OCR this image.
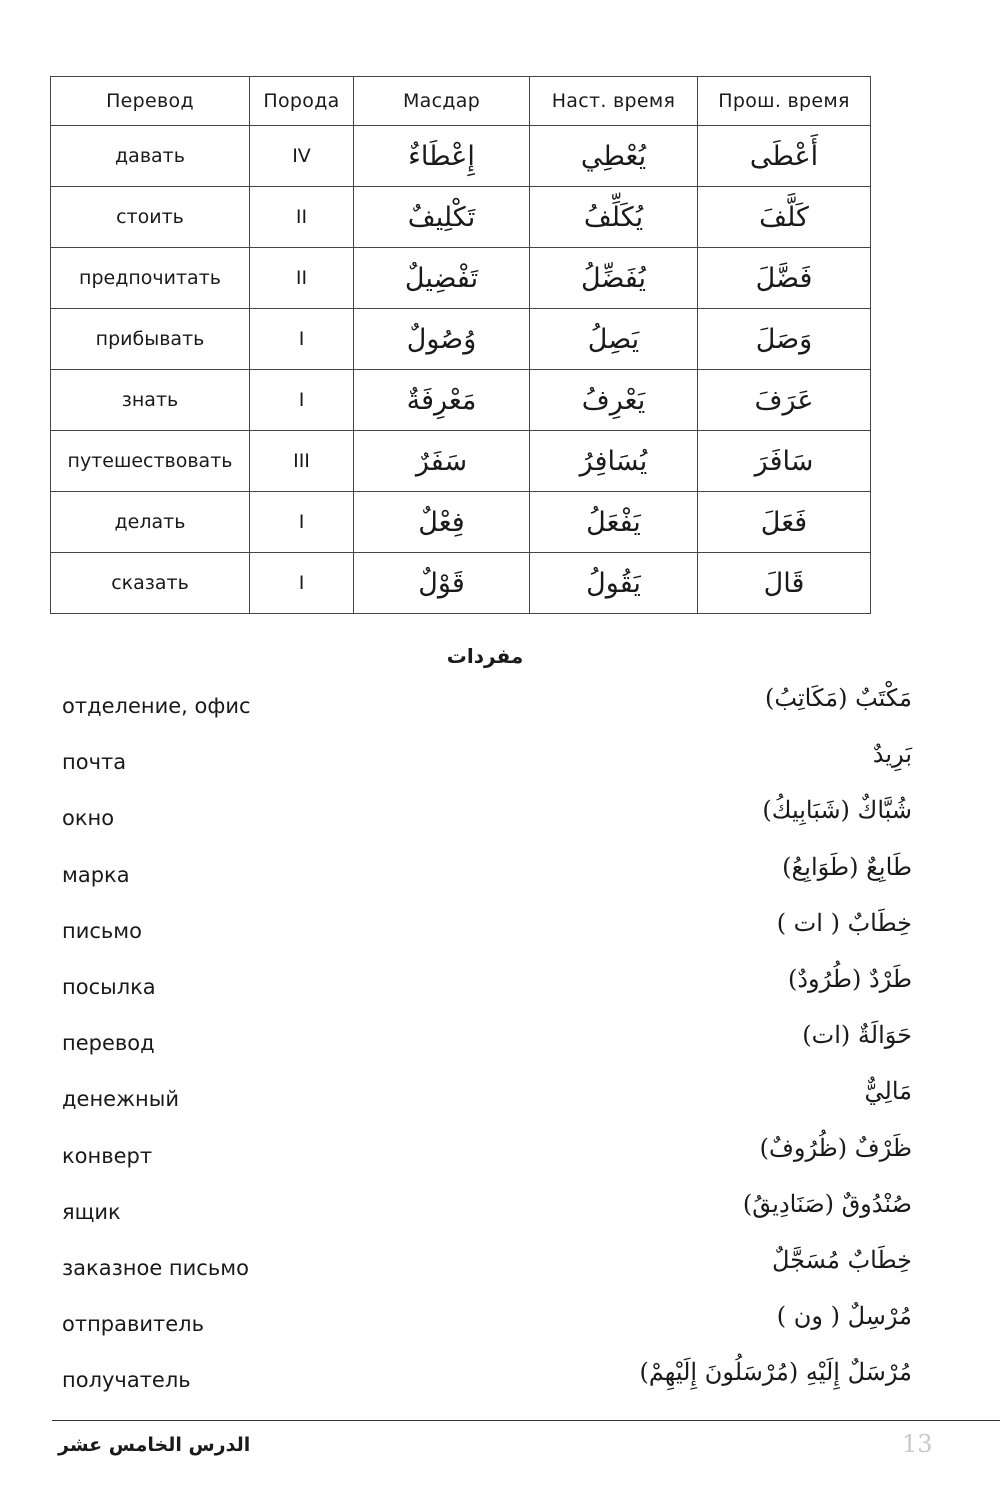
Перевод	Порода	Масдар	Наст. время	Прош. время
давать	IV	إِعْطَاءٌ	يُعْطِي	أَعْطَى
стоить	II	تَكْلِيفٌ	يُكَلِّفُ	كَلَّفَ
предпочитать	II	تَفْضِيلٌ	يُفَضِّلُ	فَضَّلَ
прибывать	I	وُصُولٌ	يَصِلُ	وَصَلَ
знать	I	مَعْرِفَةٌ	يَعْرِفُ	عَرَفَ
путешествовать	III	سَفَرٌ	يُسَافِرُ	سَافَرَ
делать	I	فِعْلٌ	يَفْعَلُ	فَعَلَ
сказать	I	قَوْلٌ	يَقُولُ	قَالَ
مفردات
отделение, офис	مَكْتَبٌ (مَكَاتِبُ)
почта	بَرِيدٌ
окно	شُبَّاكٌ (شَبَابِيكُ)
марка	طَابِعٌ (طَوَابِعُ)
письмо	خِطَابٌ ( ات )
посылка	طَرْدٌ (طُرُودٌ)
перевод	حَوَالَةٌ (ات)
денежный	مَالِيٌّ
конверт	ظَرْفٌ (ظُرُوفٌ)
ящик	صُنْدُوقٌ (صَنَادِيقُ)
заказное письмо	خِطَابٌ مُسَجَّلٌ
отправитель	مُرْسِلٌ ( ون )
получатель	مُرْسَلٌ إِلَيْهِ (مُرْسَلُونَ إِلَيْهِمْ)
الدرس الخامس عشر	13
